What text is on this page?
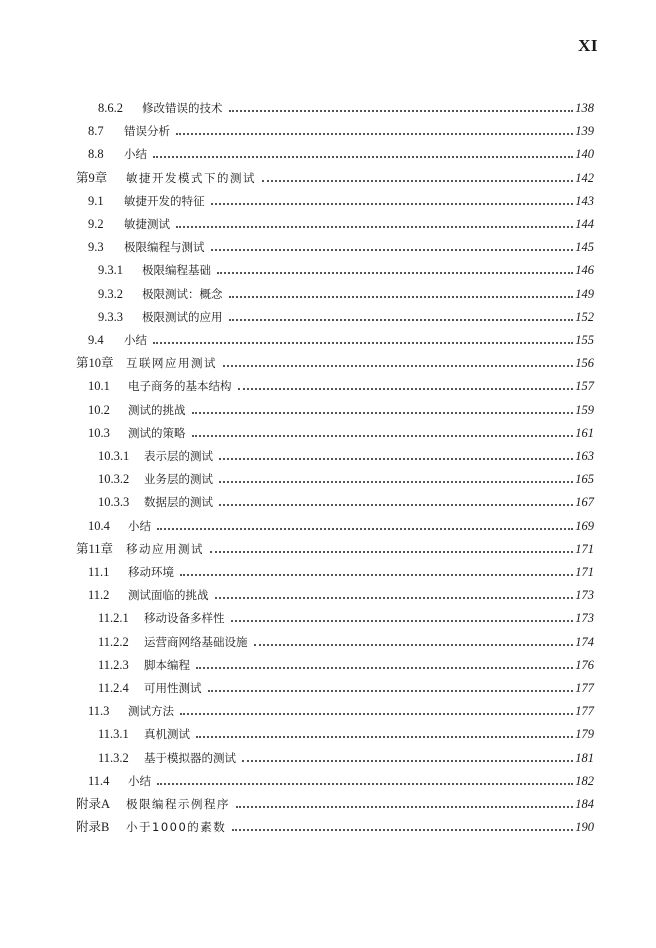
XI
8.6.2	修改错误的技术	138
8.7	错误分析	139
8.8	小结	140
第9章	敏捷开发模式下的测试	142
9.1	敏捷开发的特征	143
9.2	敏捷测试	144
9.3	极限编程与测试	145
9.3.1	极限编程基础	146
9.3.2	极限测试：概念	149
9.3.3	极限测试的应用	152
9.4	小结	155
第10章	互联网应用测试	156
10.1	电子商务的基本结构	157
10.2	测试的挑战	159
10.3	测试的策略	161
10.3.1	表示层的测试	163
10.3.2	业务层的测试	165
10.3.3	数据层的测试	167
10.4	小结	169
第11章	移动应用测试	171
11.1	移动环境	171
11.2	测试面临的挑战	173
11.2.1	移动设备多样性	173
11.2.2	运营商网络基础设施	174
11.2.3	脚本编程	176
11.2.4	可用性测试	177
11.3	测试方法	177
11.3.1	真机测试	179
11.3.2	基于模拟器的测试	181
11.4	小结	182
附录A	极限编程示例程序	184
附录B	小于1000的素数	190
